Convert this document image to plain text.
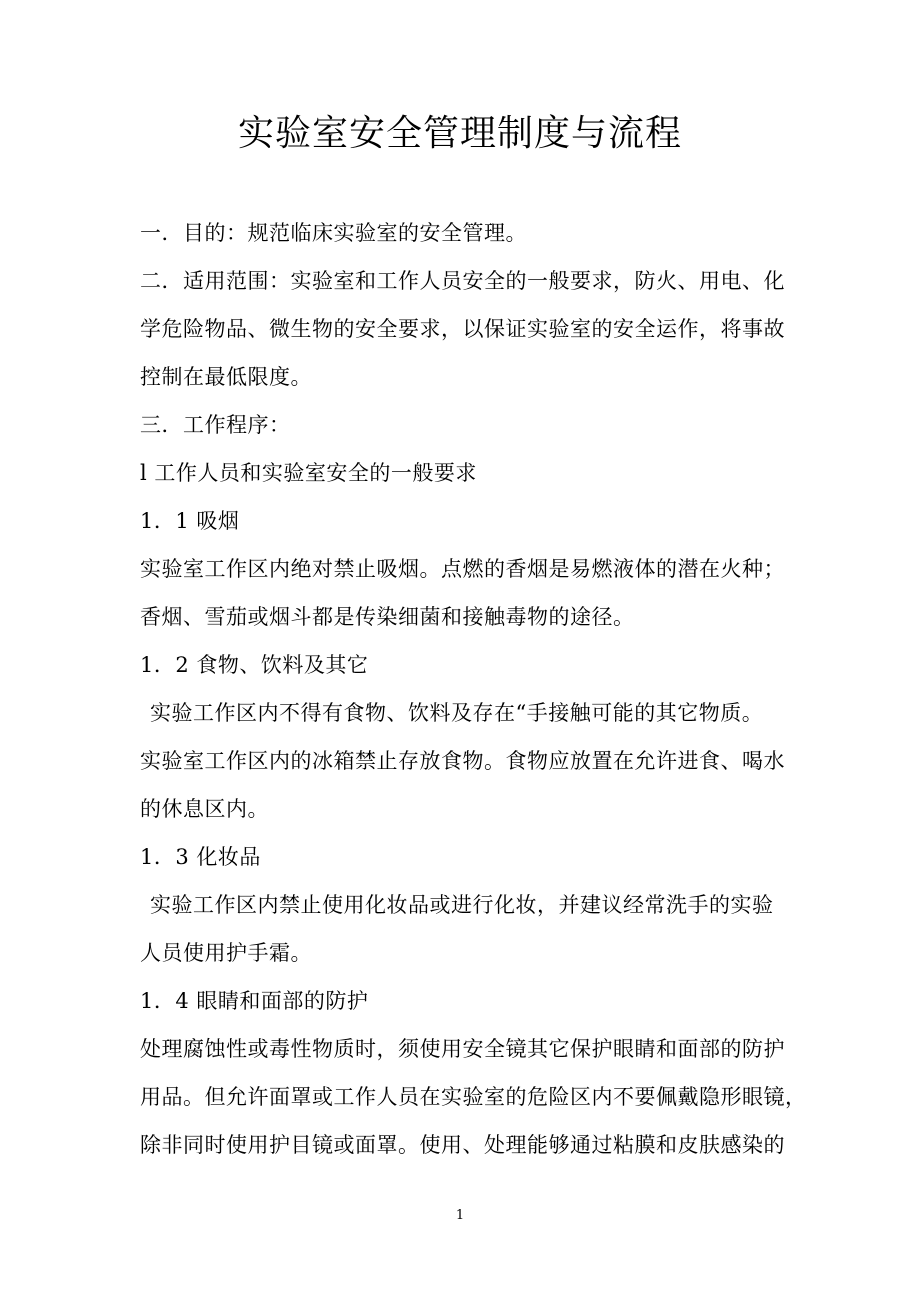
实验室安全管理制度与流程
一．目的：规范临床实验室的安全管理。
二．适用范围：实验室和工作人员安全的一般要求，防火、用电、化
学危险物品、微生物的安全要求，以保证实验室的安全运作，将事故
控制在最低限度。
三．工作程序：
l 工作人员和实验室安全的一般要求
1．1 吸烟
实验室工作区内绝对禁止吸烟。点燃的香烟是易燃液体的潜在火种；
香烟、雪茄或烟斗都是传染细菌和接触毒物的途径。
1．2 食物、饮料及其它
实验工作区内不得有食物、饮料及存在“手接触可能的其它物质。
实验室工作区内的冰箱禁止存放食物。食物应放置在允许进食、喝水
的休息区内。
1．3 化妆品
实验工作区内禁止使用化妆品或进行化妆，并建议经常洗手的实验
人员使用护手霜。
1．4 眼睛和面部的防护
处理腐蚀性或毒性物质时，须使用安全镜其它保护眼睛和面部的防护
用品。但允许面罩或工作人员在实验室的危险区内不要佩戴隐形眼镜，
除非同时使用护目镜或面罩。使用、处理能够通过粘膜和皮肤感染的
1
